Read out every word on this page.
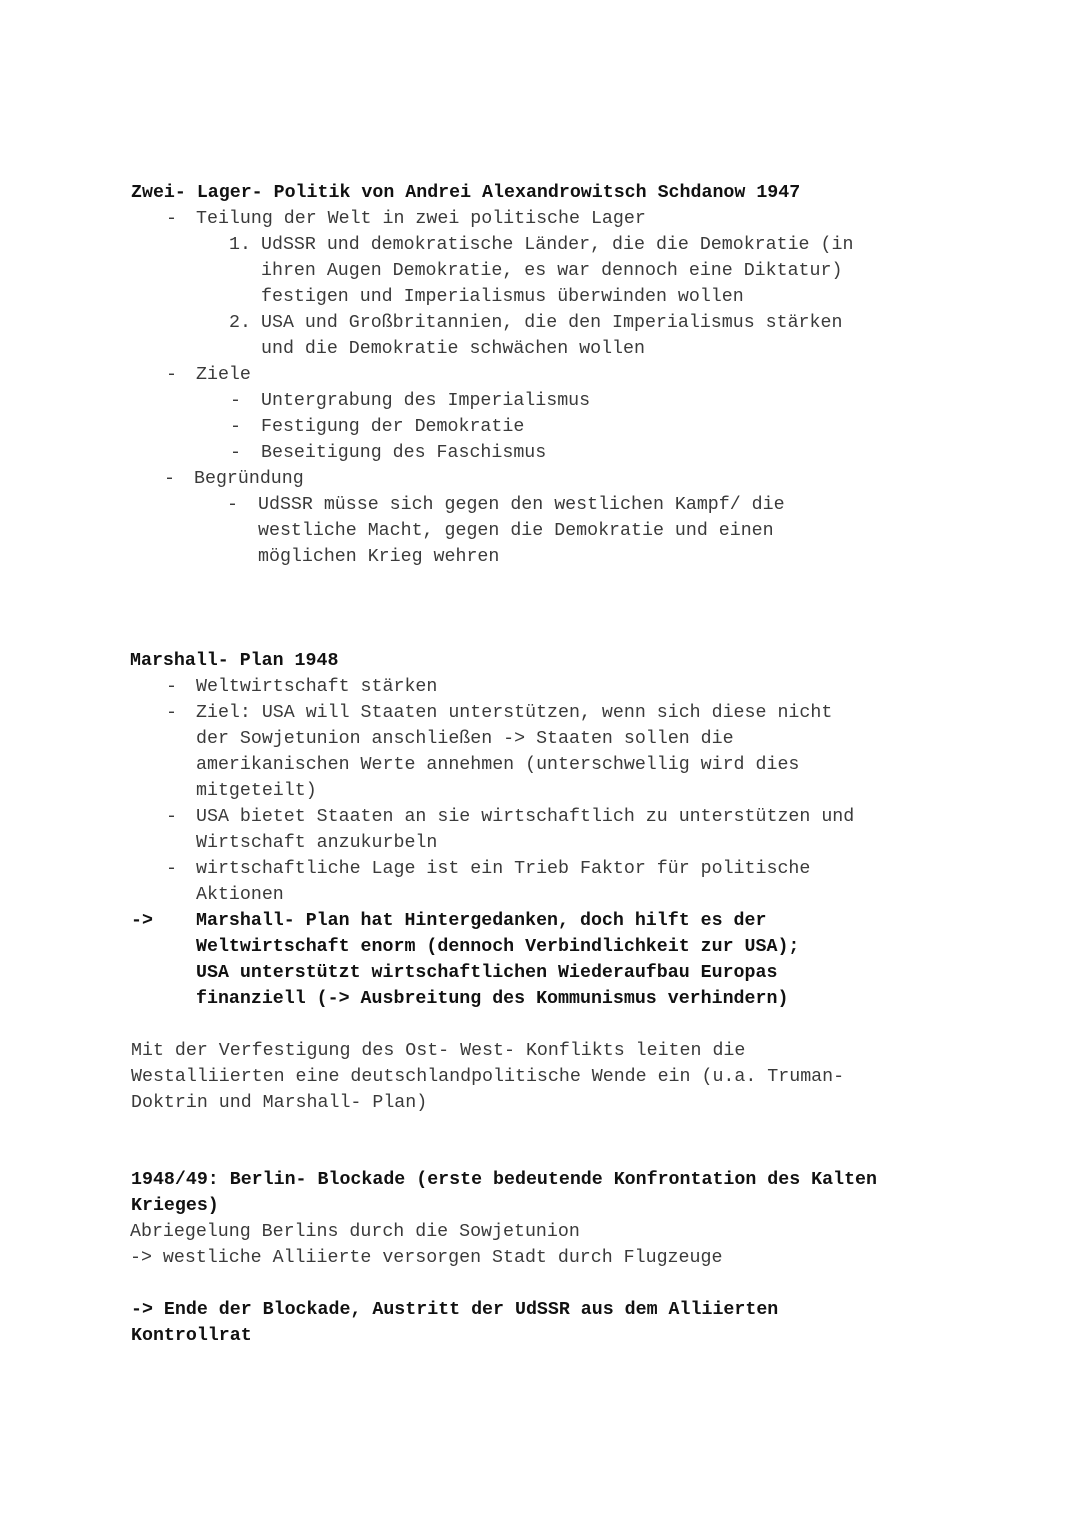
Zwei- Lager- Politik von Andrei Alexandrowitsch Schdanow 1947

- Teilung der Welt in zwei politische Lager

1. UdSSR und demokratische Länder, die die Demokratie (in

ihren Augen Demokratie, es war dennoch eine Diktatur)

festigen und Imperialismus überwinden wollen

2. USA und Großbritannien, die den Imperialismus stärken

und die Demokratie schwächen wollen

- Ziele

- Untergrabung des Imperialismus

- Festigung der Demokratie

- Beseitigung des Faschismus

- Begründung

- UdSSR müsse sich gegen den westlichen Kampf/ die

westliche Macht, gegen die Demokratie und einen

möglichen Krieg wehren

Marshall- Plan 1948

- Weltwirtschaft stärken

- Ziel: USA will Staaten unterstützen, wenn sich diese nicht

der Sowjetunion anschließen -> Staaten sollen die

amerikanischen Werte annehmen (unterschwellig wird dies

mitgeteilt)

- USA bietet Staaten an sie wirtschaftlich zu unterstützen und

Wirtschaft anzukurbeln

- wirtschaftliche Lage ist ein Trieb Faktor für politische

Aktionen

-> Marshall- Plan hat Hintergedanken, doch hilft es der

Weltwirtschaft enorm (dennoch Verbindlichkeit zur USA);

USA unterstützt wirtschaftlichen Wiederaufbau Europas

finanziell (-> Ausbreitung des Kommunismus verhindern)

Mit der Verfestigung des Ost- West- Konflikts leiten die

Westalliierten eine deutschlandpolitische Wende ein (u.a. Truman-

Doktrin und Marshall- Plan)

1948/49: Berlin- Blockade (erste bedeutende Konfrontation des Kalten

Krieges)

Abriegelung Berlins durch die Sowjetunion

-> westliche Alliierte versorgen Stadt durch Flugzeuge

-> Ende der Blockade, Austritt der UdSSR aus dem Alliierten

Kontrollrat
